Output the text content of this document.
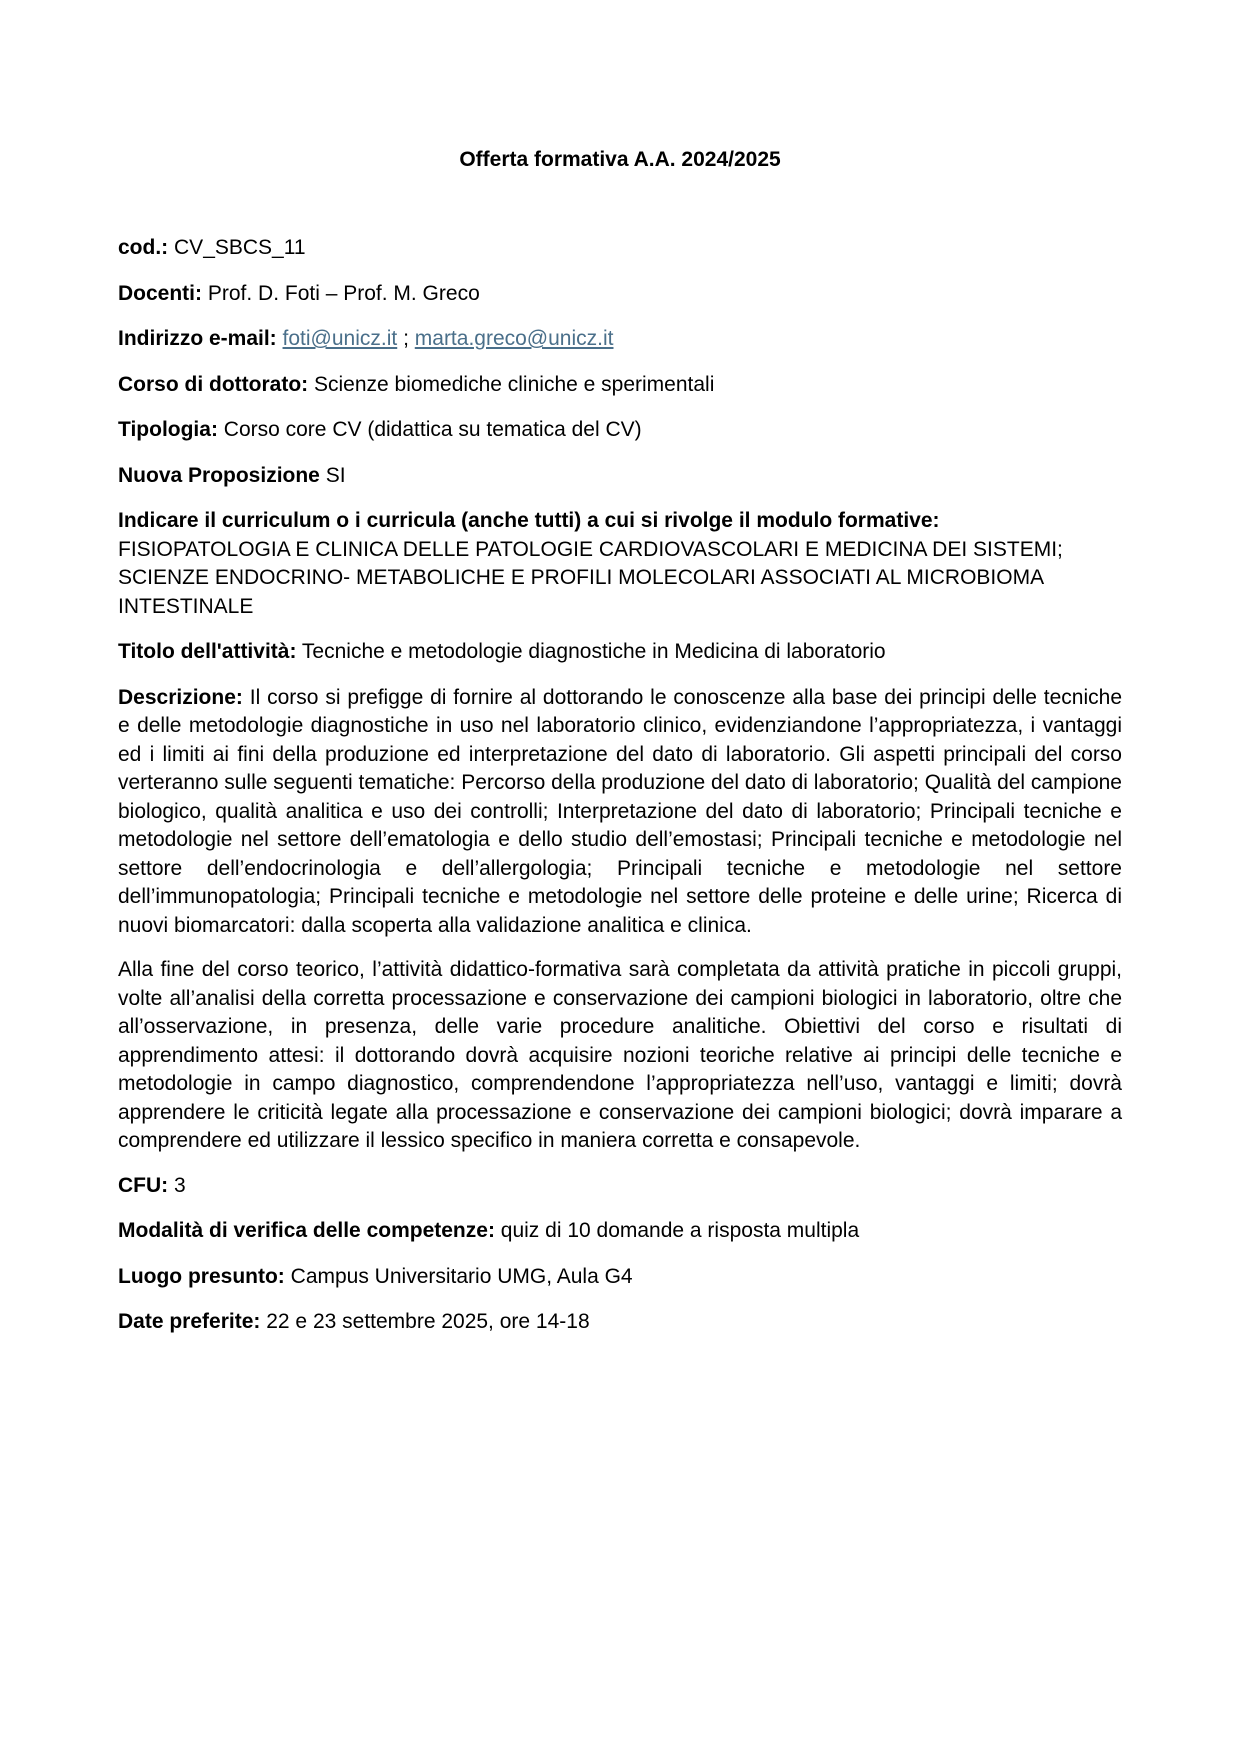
Offerta formativa A.A. 2024/2025

cod.: CV_SBCS_11

Docenti: Prof. D. Foti – Prof. M. Greco

Indirizzo e-mail: foti@unicz.it ; marta.greco@unicz.it

Corso di dottorato: Scienze biomediche cliniche e sperimentali

Tipologia: Corso core CV (didattica su tematica del CV)

Nuova Proposizione SI

Indicare il curriculum o i curricula (anche tutti) a cui si rivolge il modulo formative:
FISIOPATOLOGIA E CLINICA DELLE PATOLOGIE CARDIOVASCOLARI E MEDICINA DEI SISTEMI; SCIENZE ENDOCRINO- METABOLICHE E PROFILI MOLECOLARI ASSOCIATI AL MICROBIOMA INTESTINALE

Titolo dell'attività: Tecniche e metodologie diagnostiche in Medicina di laboratorio

Descrizione: Il corso si prefigge di fornire al dottorando le conoscenze alla base dei principi delle tecniche e delle metodologie diagnostiche in uso nel laboratorio clinico, evidenziandone l’appropriatezza, i vantaggi ed i limiti ai fini della produzione ed interpretazione del dato di laboratorio. Gli aspetti principali del corso verteranno sulle seguenti tematiche: Percorso della produzione del dato di laboratorio; Qualità del campione biologico, qualità analitica e uso dei controlli; Interpretazione del dato di laboratorio; Principali tecniche e metodologie nel settore dell’ematologia e dello studio dell’emostasi; Principali tecniche e metodologie nel settore dell’endocrinologia e dell’allergologia; Principali tecniche e metodologie nel settore dell’immunopatologia; Principali tecniche e metodologie nel settore delle proteine e delle urine; Ricerca di nuovi biomarcatori: dalla scoperta alla validazione analitica e clinica.

Alla fine del corso teorico, l’attività didattico-formativa sarà completata da attività pratiche in piccoli gruppi, volte all’analisi della corretta processazione e conservazione dei campioni biologici in laboratorio, oltre che all’osservazione, in presenza, delle varie procedure analitiche. Obiettivi del corso e risultati di apprendimento attesi: il dottorando dovrà acquisire nozioni teoriche relative ai principi delle tecniche e metodologie in campo diagnostico, comprendendone l’appropriatezza nell’uso, vantaggi e limiti; dovrà apprendere le criticità legate alla processazione e conservazione dei campioni biologici; dovrà imparare a comprendere ed utilizzare il lessico specifico in maniera corretta e consapevole.

CFU: 3

Modalità di verifica delle competenze: quiz di 10 domande a risposta multipla

Luogo presunto: Campus Universitario UMG, Aula G4

Date preferite: 22 e 23 settembre 2025, ore 14-18
